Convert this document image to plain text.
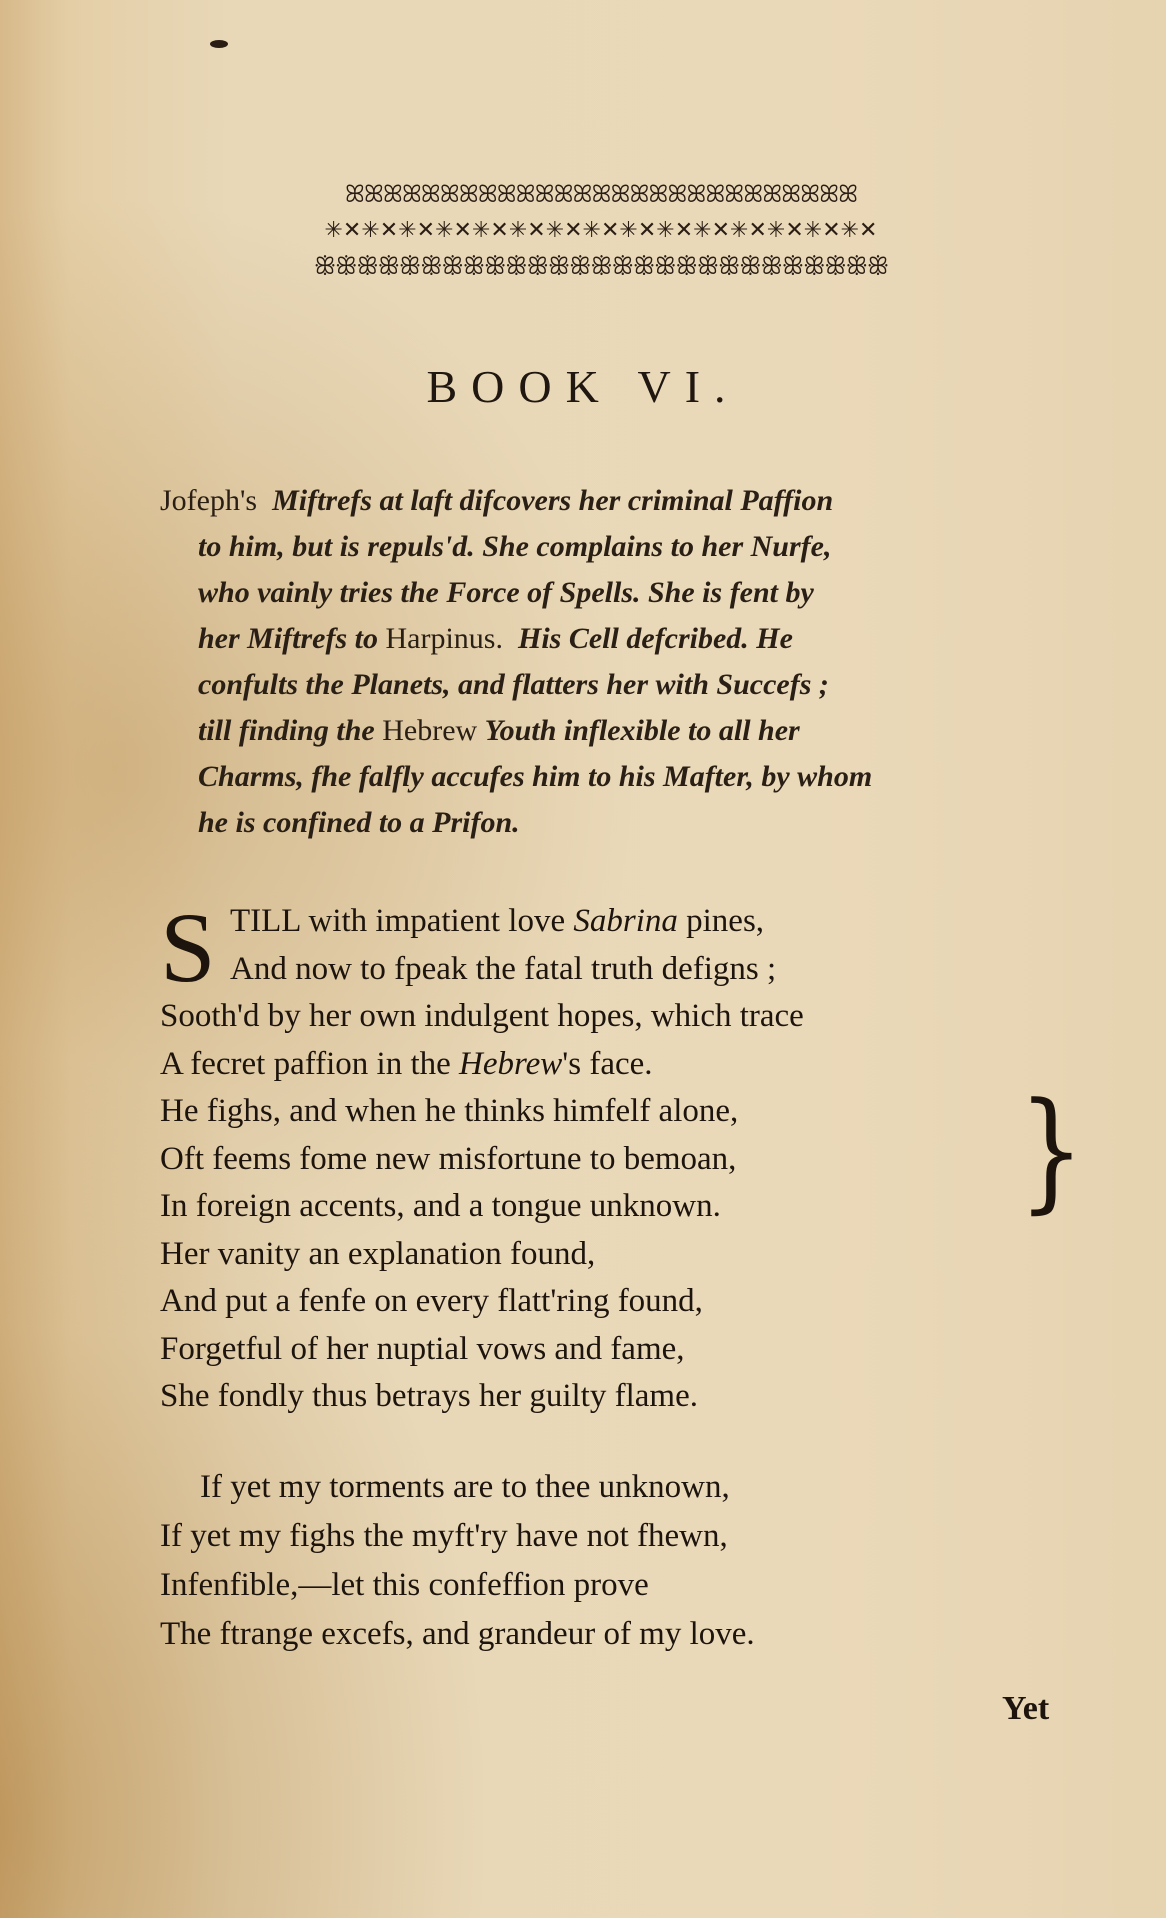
ꕤꕤꕤꕤꕤꕤꕤꕤꕤꕤꕤꕤꕤꕤꕤꕤꕤꕤꕤꕤꕤꕤꕤꕤꕤꕤꕤ
✳✕✳✕✳✕✳✕✳✕✳✕✳✕✳✕✳✕✳✕✳✕✳✕✳✕✳✕✳✕
ꕥꕥꕥꕥꕥꕥꕥꕥꕥꕥꕥꕥꕥꕥꕥꕥꕥꕥꕥꕥꕥꕥꕥꕥꕥꕥꕥ
BOOK VI.
Jofeph's Miftrefs at laft difcovers her criminal Paffion
to him, but is repuls'd. She complains to her Nurfe,
who vainly tries the Force of Spells. She is fent by
her Miftrefs to Harpinus. His Cell defcribed. He
confults the Planets, and flatters her with Succefs ;
till finding the Hebrew Youth inflexible to all her
Charms, fhe falfly accufes him to his Mafter, by whom
he is confined to a Prifon.
S TILL with impatient love Sabrina pines,
And now to fpeak the fatal truth defigns ;
Sooth'd by her own indulgent hopes, which trace
A fecret paffion in the Hebrew's face.
He fighs, and when he thinks himfelf alone,
Oft feems fome new misfortune to bemoan,
In foreign accents, and a tongue unknown.
Her vanity an explanation found,
And put a fenfe on every flatt'ring found,
Forgetful of her nuptial vows and fame,
She fondly thus betrays her guilty flame.
}
If yet my torments are to thee unknown,
If yet my fighs the myft'ry have not fhewn,
Infenfible,—let this confeffion prove
The ftrange excefs, and grandeur of my love.
Yet
